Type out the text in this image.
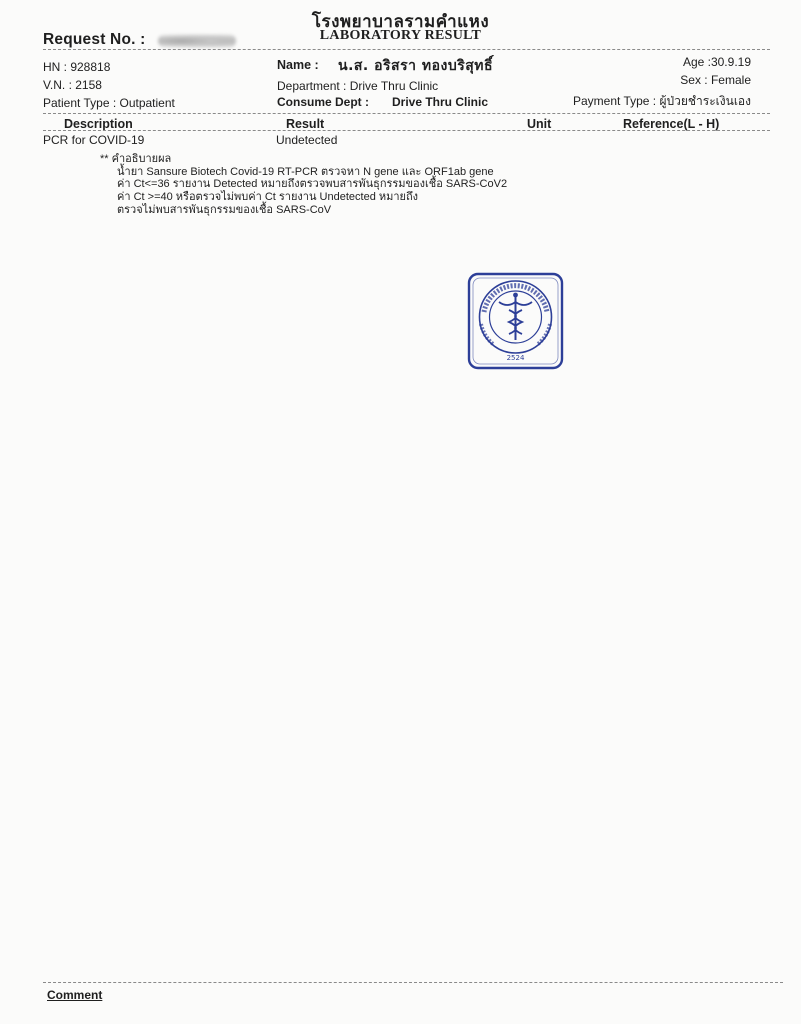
โรงพยาบาลรามคำแหง
LABORATORY RESULT
Request No. :
HN : 928818
V.N. : 2158
Patient Type : Outpatient
Name : น.ส. อริสรา ทองบริสุทธิ์
Department : Drive Thru Clinic
Consume Dept : Drive Thru Clinic
Age :30.9.19
Sex : Female
Payment Type : ผู้ป่วยชำระเงินเอง
Description	Result	Unit	Reference(L - H)
PCR for COVID-19	Undetected
** คำอธิบายผล
น้ำยา Sansure Biotech Covid-19 RT-PCR ตรวจหา N gene และ ORF1ab gene
ค่า Ct<=36 รายงาน Detected หมายถึงตรวจพบสารพันธุกรรมของเชื้อ SARS-CoV2
ค่า Ct >=40 หรือตรวจไม่พบค่า Ct รายงาน Undetected หมายถึง
ตรวจไม่พบสารพันธุกรรมของเชื้อ SARS-CoV
2524
Comment
